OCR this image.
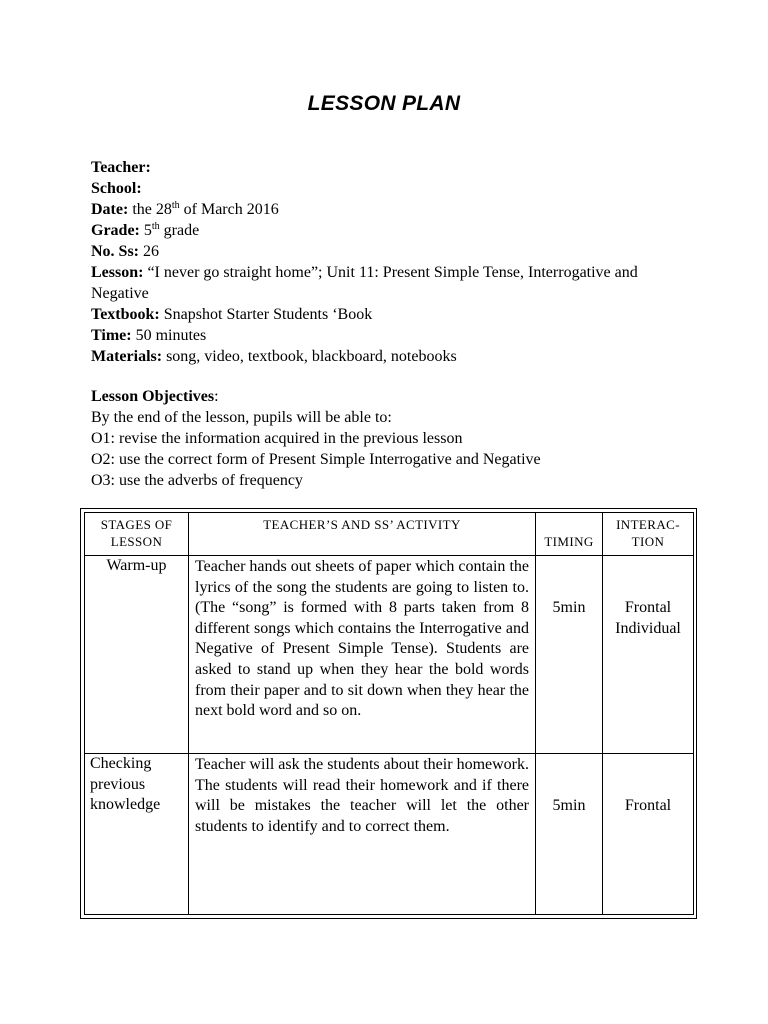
LESSON PLAN

Teacher:

School:

Date: the 28th of March 2016

Grade: 5th grade

No. Ss: 26

Lesson: “I never go straight home”; Unit 11: Present Simple Tense, Interrogative and Negative

Textbook: Snapshot Starter Students ‘Book

Time: 50 minutes

Materials: song, video, textbook, blackboard, notebooks

Lesson Objectives:
By the end of the lesson, pupils will be able to:
O1: revise the information acquired in the previous lesson
O2: use the correct form of Present Simple Interrogative and Negative
O3: use the adverbs of frequency
STAGES OF LESSON	TEACHER’S AND SS’ ACTIVITY	TIMING	INTERAC-TION
Warm-up	Teacher hands out sheets of paper which contain the lyrics of the song the students are going to listen to. (The “song” is formed with 8 parts taken from 8 different songs which contains the Interrogative and Negative of Present Simple Tense). Students are asked to stand up when they hear the bold words from their paper and to sit down when they hear the next bold word and so on.	5min	Frontal
Individual

Checking previous knowledge	Teacher will ask the students about their homework. The students will read their homework and if there will be mistakes the teacher will let the other students to identify and to correct them.	5min	Frontal
